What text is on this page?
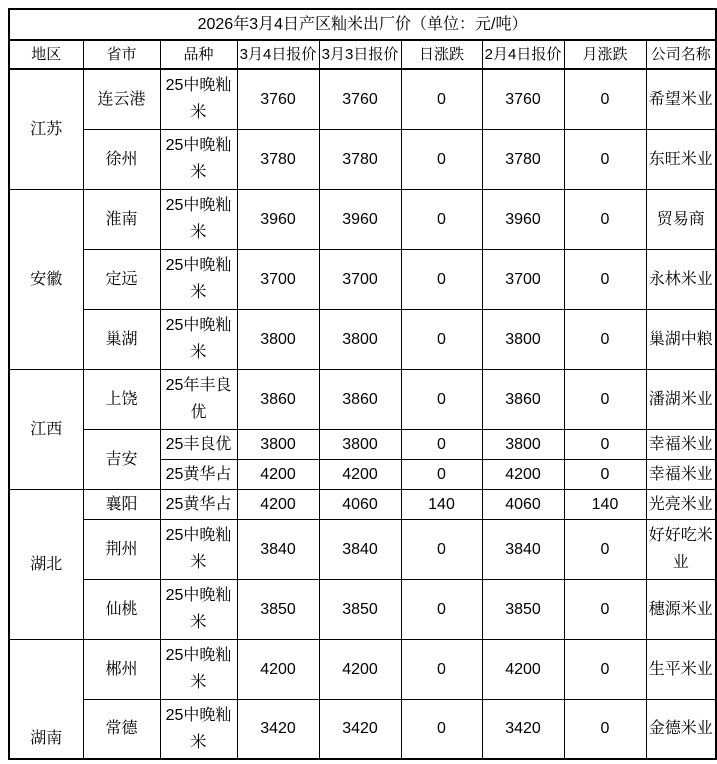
2026年3月4日产区籼米出厂价（单位：元/吨）								
地区	省市	品种	3月4日报价	3月3日报价	日涨跌	2月4日报价	月涨跌	公司名称
江苏	连云港	25中晚籼米	3760	3760	0	3760	0	希望米业
	徐州	25中晚籼米	3780	3780	0	3780	0	东旺米业
安徽	淮南	25中晚籼米	3960	3960	0	3960	0	贸易商
	定远	25中晚籼米	3700	3700	0	3700	0	永林米业
	巢湖	25中晚籼米	3800	3800	0	3800	0	巢湖中粮
江西	上饶	25年丰良优	3860	3860	0	3860	0	潘湖米业
	吉安	25丰良优	3800	3800	0	3800	0	幸福米业
		25黄华占	4200	4200	0	4200	0	幸福米业
湖北	襄阳	25黄华占	4200	4060	140	4060	140	光亮米业
	荆州	25中晚籼米	3840	3840	0	3840	0	好好吃米业
	仙桃	25中晚籼米	3850	3850	0	3850	0	穗源米业
湖南	郴州	25中晚籼米	4200	4200	0	4200	0	生平米业
	常德	25中晚籼米	3420	3420	0	3420	0	金德米业
